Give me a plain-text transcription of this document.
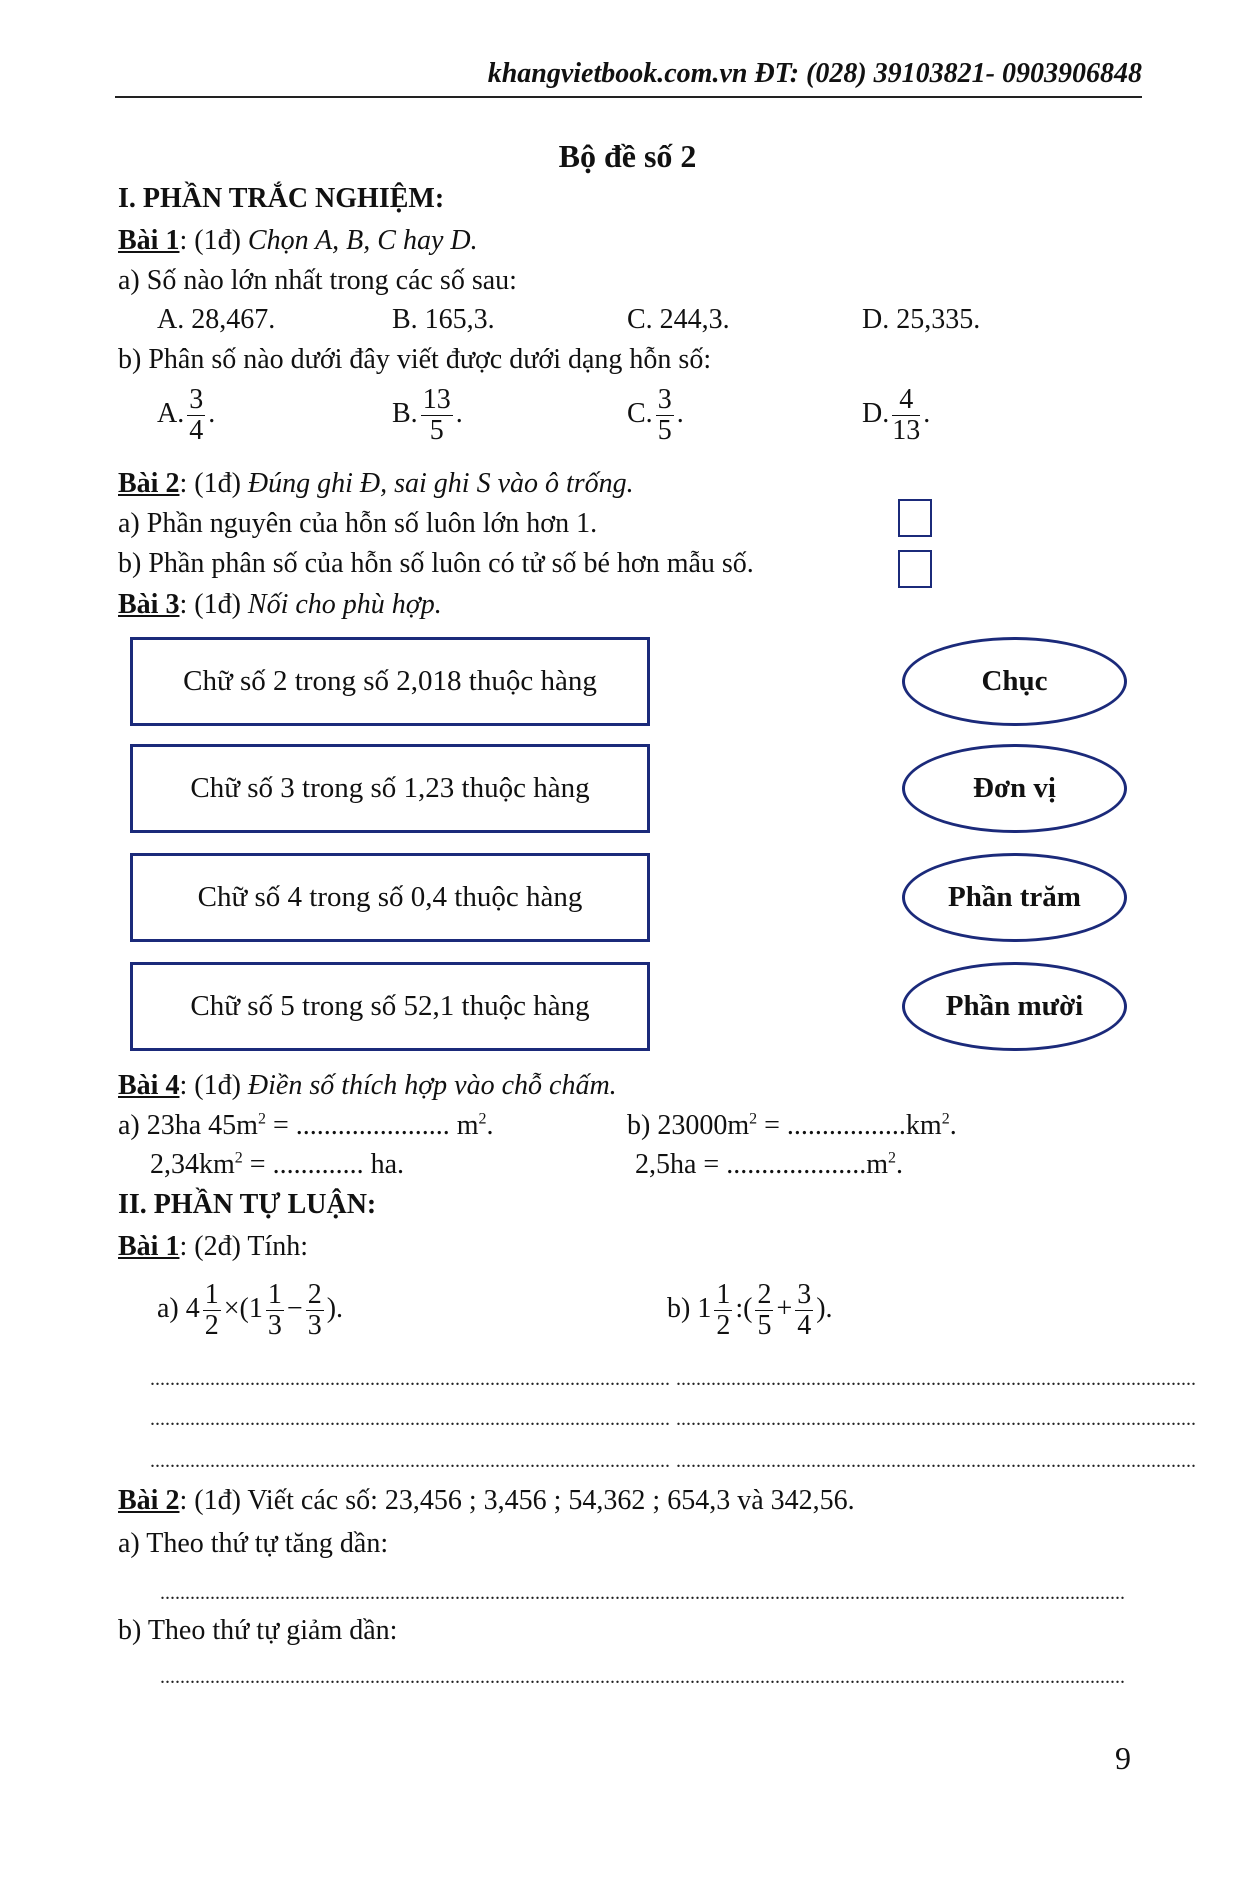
khangvietbook.com.vn ĐT: (028) 39103821- 0903906848
Bộ đề số 2
I. PHẦN TRẮC NGHIỆM:
Bài 1: (1đ) Chọn A, B, C hay D.
a) Số nào lớn nhất trong các số sau:
A. 28,467.	B. 165,3.	C. 244,3.	D. 25,335.
b) Phân số nào dưới đây viết được dưới dạng hỗn số:
A. $\frac{3}{4}$ .	B. $\frac{13}{5}$ .	C. $\frac{3}{5}$ .	D. $\frac{4}{13}$ .
Bài 2: (1đ) Đúng ghi Đ, sai ghi S vào ô trống.
a) Phần nguyên của hỗn số luôn lớn hơn 1.
b) Phần phân số của hỗn số luôn có tử số bé hơn mẫu số.
Bài 3: (1đ) Nối cho phù hợp.
Chữ số 2 trong số 2,018 thuộc hàng
Chữ số 3 trong số 1,23 thuộc hàng
Chữ số 4 trong số 0,4 thuộc hàng
Chữ số 5 trong số 52,1 thuộc hàng
Chục
Đơn vị
Phần trăm
Phần mười
Bài 4: (1đ) Điền số thích hợp vào chỗ chấm.
a) 23ha $45m^2$ = ...................... $m^2$.	b) $23000m^2 = .................km^2$.
$2,34km^2$ = ............. ha.	$2,5ha = ....................m^2$.
II. PHẦN TỰ LUẬN:
Bài 1: (2đ) Tính:
a) $4 \frac{1}{2} \times(1 \frac{1}{3} - \frac{2}{3}$ ).	b) $1 \frac{1}{2}$ :( $\frac{2}{5} + \frac{3}{4}$ ).
........................................................................................................
........................................................................................................
........................................................................................................
........................................................................................................
........................................................................................................
........................................................................................................
Bài 2: (1đ) Viết các số: 23,456 ; 3,456 ; 54,362 ; 654,3 và 342,56.
a) Theo thứ tự tăng dần:
.................................................................................................................................................................................................
b) Theo thứ tự giảm dần:
.................................................................................................................................................................................................
9
